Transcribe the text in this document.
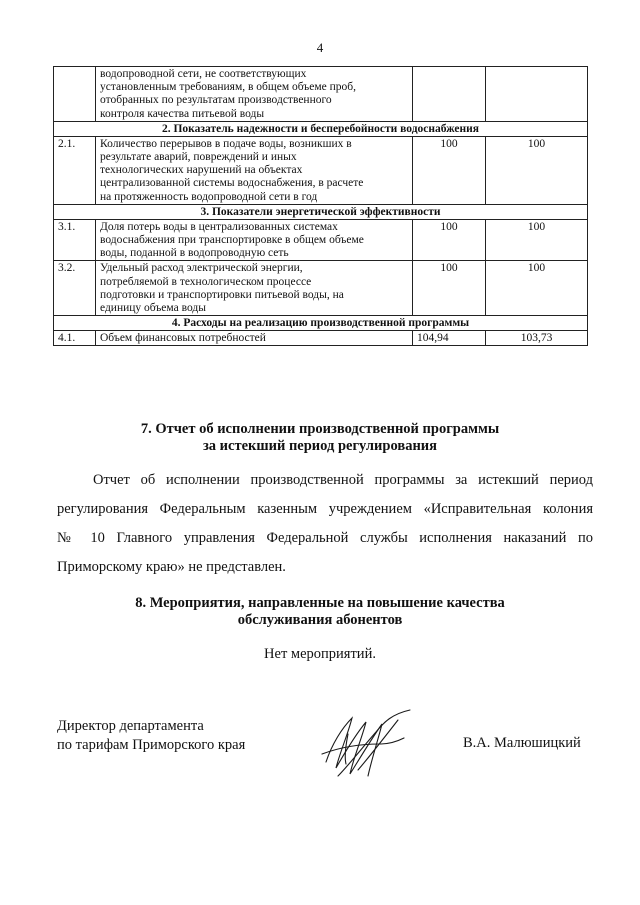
4

	водопроводной сети, не соответствующих
установленным требованиям, в общем объеме проб,
отобранных по результатам производственного
контроля качества питьевой воды		

2. Показатель надежности и бесперебойности водоснабжения			
2.1.	Количество перерывов в подаче воды, возникших в
результате аварий, повреждений и иных
технологических нарушений на объектах
централизованной системы водоснабжения, в расчете
на протяженность водопроводной сети в год	100	100
3. Показатели энергетической эффективности			
3.1.	Доля потерь воды в централизованных системах
водоснабжения при транспортировке в общем объеме
воды, поданной в водопроводную сеть	100	100
3.2.	Удельный расход электрической энергии,
потребляемой в технологическом процессе
подготовки и транспортировки питьевой воды, на
единицу объема воды	100	100
4. Расходы на реализацию производственной программы			
4.1.	Объем финансовых потребностей	104,94	103,73
7. Отчет об исполнении производственной программы
за истекший период регулирования
Отчет об исполнении производственной программы за истекший период
регулирования Федеральным казенным учреждением «Исправительная колония
№ 10 Главного управления Федеральной службы исполнения наказаний по
Приморскому краю» не представлен.
8. Мероприятия, направленные на повышение качества
обслуживания абонентов
Нет мероприятий.
Директор департамента
по тарифам Приморского края	В.А. Малюшицкий
